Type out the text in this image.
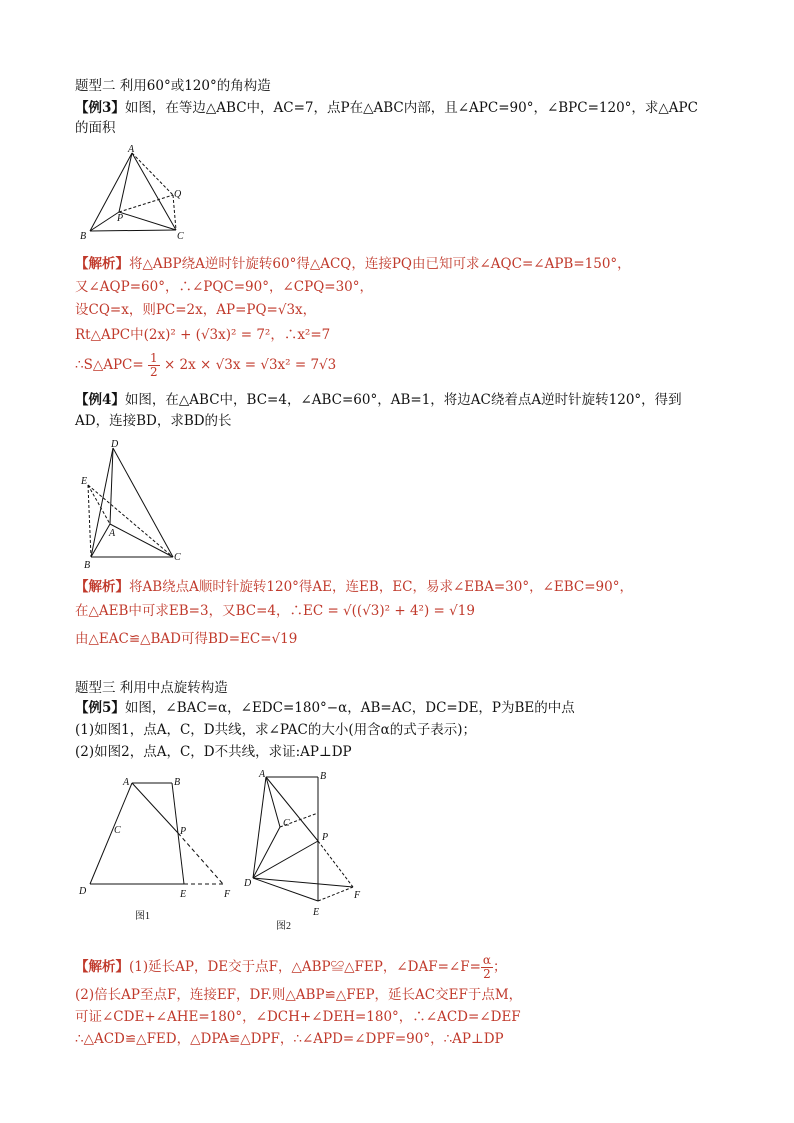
题型二 利用60°或120°的角构造
【例3】如图，在等边△ABC中，AC=7，点P在△ABC内部，且∠APC=90°，∠BPC=120°，求△APC
的面积
A
B	C
P
Q
【解析】将△ABP绕A逆时针旋转60°得△ACQ，连接PQ由已知可求∠AQC=∠APB=150°，
又∠AQP=60°，∴∠PQC=90°，∠CPQ=30°，
设CQ=x，则PC=2x，AP=PQ=√3x，
Rt△APC中(2x)² + (√3x)² = 7²，∴x²=7
∴S△APC= $\frac{1}{2} \times 2x \times √3x = √3x^2 = 7√3$
【例4】如图，在△ABC中，BC=4，∠ABC=60°，AB=1，将边AC绕着点A逆时针旋转120°，得到
AD，连接BD，求BD的长
D
E
A
B
C
【解析】将AB绕点A顺时针旋转120°得AE，连EB，EC，易求∠EBA=30°，∠EBC=90°，
在△AEB中可求EB=3，又BC=4，∴EC = √((√3)² + 4²) = √19
由△EAC≌△BAD可得BD=EC=√19
题型三 利用中点旋转构造
【例5】如图，∠BAC=α，∠EDC=180°−α，AB=AC，DC=DE，P为BE的中点
(1)如图1，点A，C，D共线，求∠PAC的大小(用含α的式子表示)；
(2)如图2，点A，C，D不共线，求证:AP⊥DP
A	B
C	P
D	E	F
图1
A	B
C
P
D
F
E
图2
【解析】(1)延长AP，DE交于点F，△ABP≌△FEP，∠DAF=∠F= $\frac{\alpha}{2}$ ；
(2)倍长AP至点F，连接EF，DF.则△ABP≌△FEP，延长AC交EF于点M，
可证∠CDE+∠AHE=180°，∠DCH+∠DEH=180°，∴∠ACD=∠DEF
∴△ACD≌△FED，△DPA≌△DPF，∴∠APD=∠DPF=90°，∴AP⊥DP
